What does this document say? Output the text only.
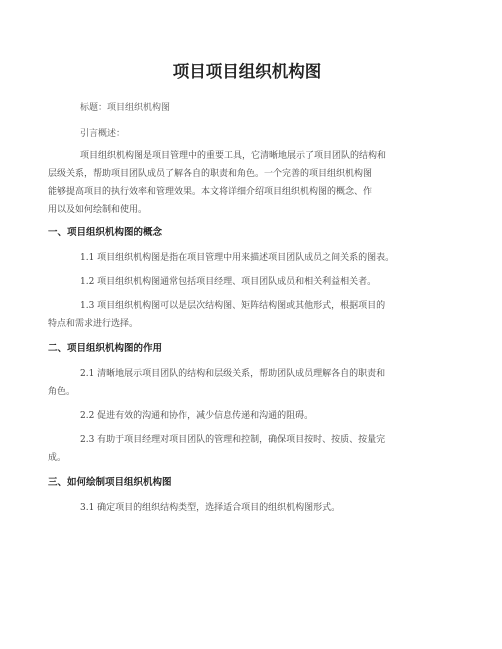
项目项目组织机构图
标题：项目组织机构图
引言概述：
项目组织机构图是项目管理中的重要工具，它清晰地展示了项目团队的结构和
层级关系，帮助项目团队成员了解各自的职责和角色。一个完善的项目组织机构图
能够提高项目的执行效率和管理效果。本文将详细介绍项目组织机构图的概念、作
用以及如何绘制和使用。
一、项目组织机构图的概念
1.1 项目组织机构图是指在项目管理中用来描述项目团队成员之间关系的图表。
1.2 项目组织机构图通常包括项目经理、项目团队成员和相关利益相关者。
1.3 项目组织机构图可以是层次结构图、矩阵结构图或其他形式，根据项目的
特点和需求进行选择。
二、项目组织机构图的作用
2.1 清晰地展示项目团队的结构和层级关系，帮助团队成员理解各自的职责和
角色。
2.2 促进有效的沟通和协作，减少信息传递和沟通的阻碍。
2.3 有助于项目经理对项目团队的管理和控制，确保项目按时、按质、按量完
成。
三、如何绘制项目组织机构图
3.1 确定项目的组织结构类型，选择适合项目的组织机构图形式。
